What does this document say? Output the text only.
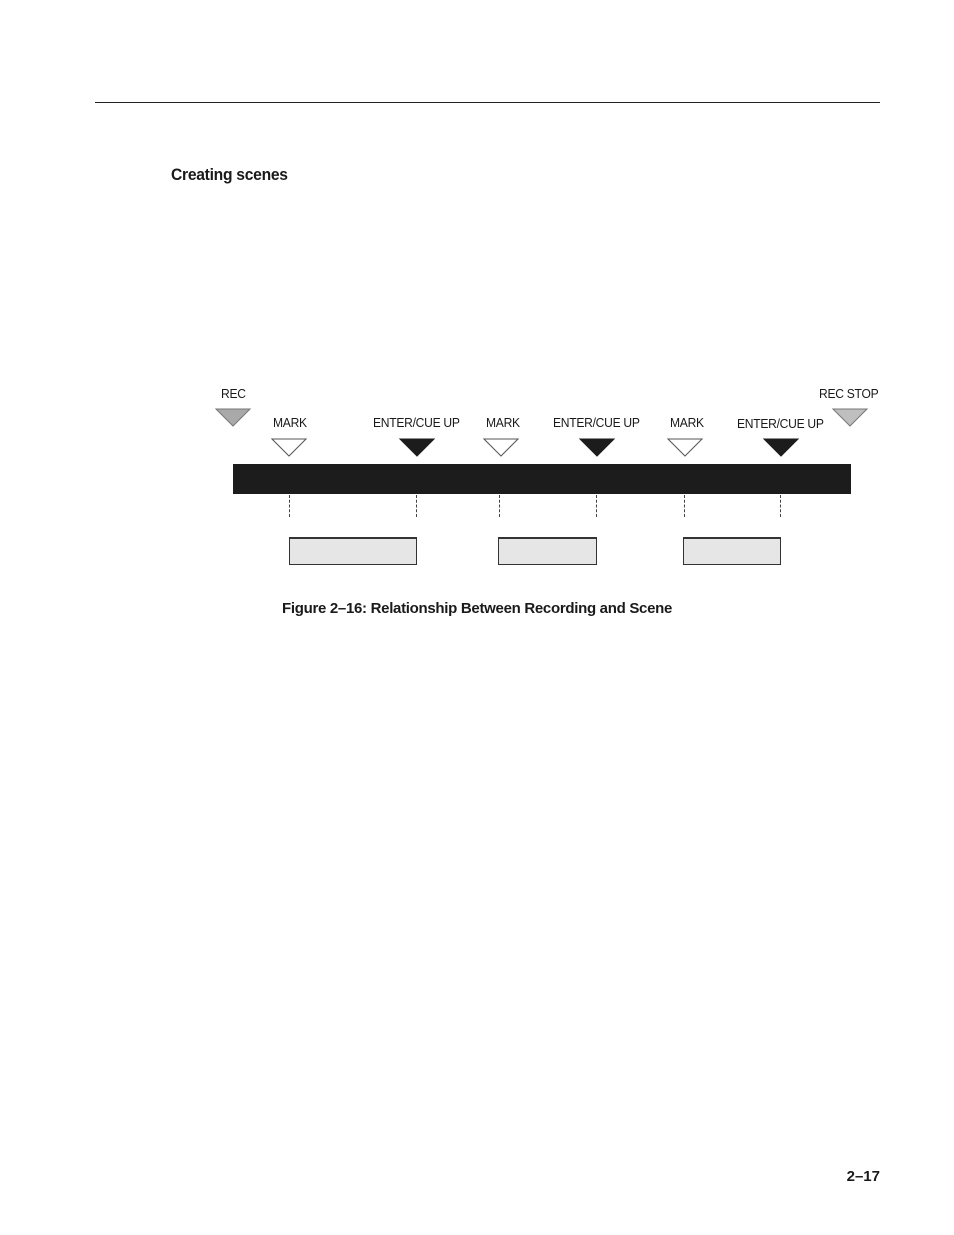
Creating scenes
REC	REC STOP
MARK	ENTER/CUE UP MARK	ENTER/CUE UP MARK	ENTER/CUE UP

Figure 2–16: Relationship Between Recording and Scene

2–17
